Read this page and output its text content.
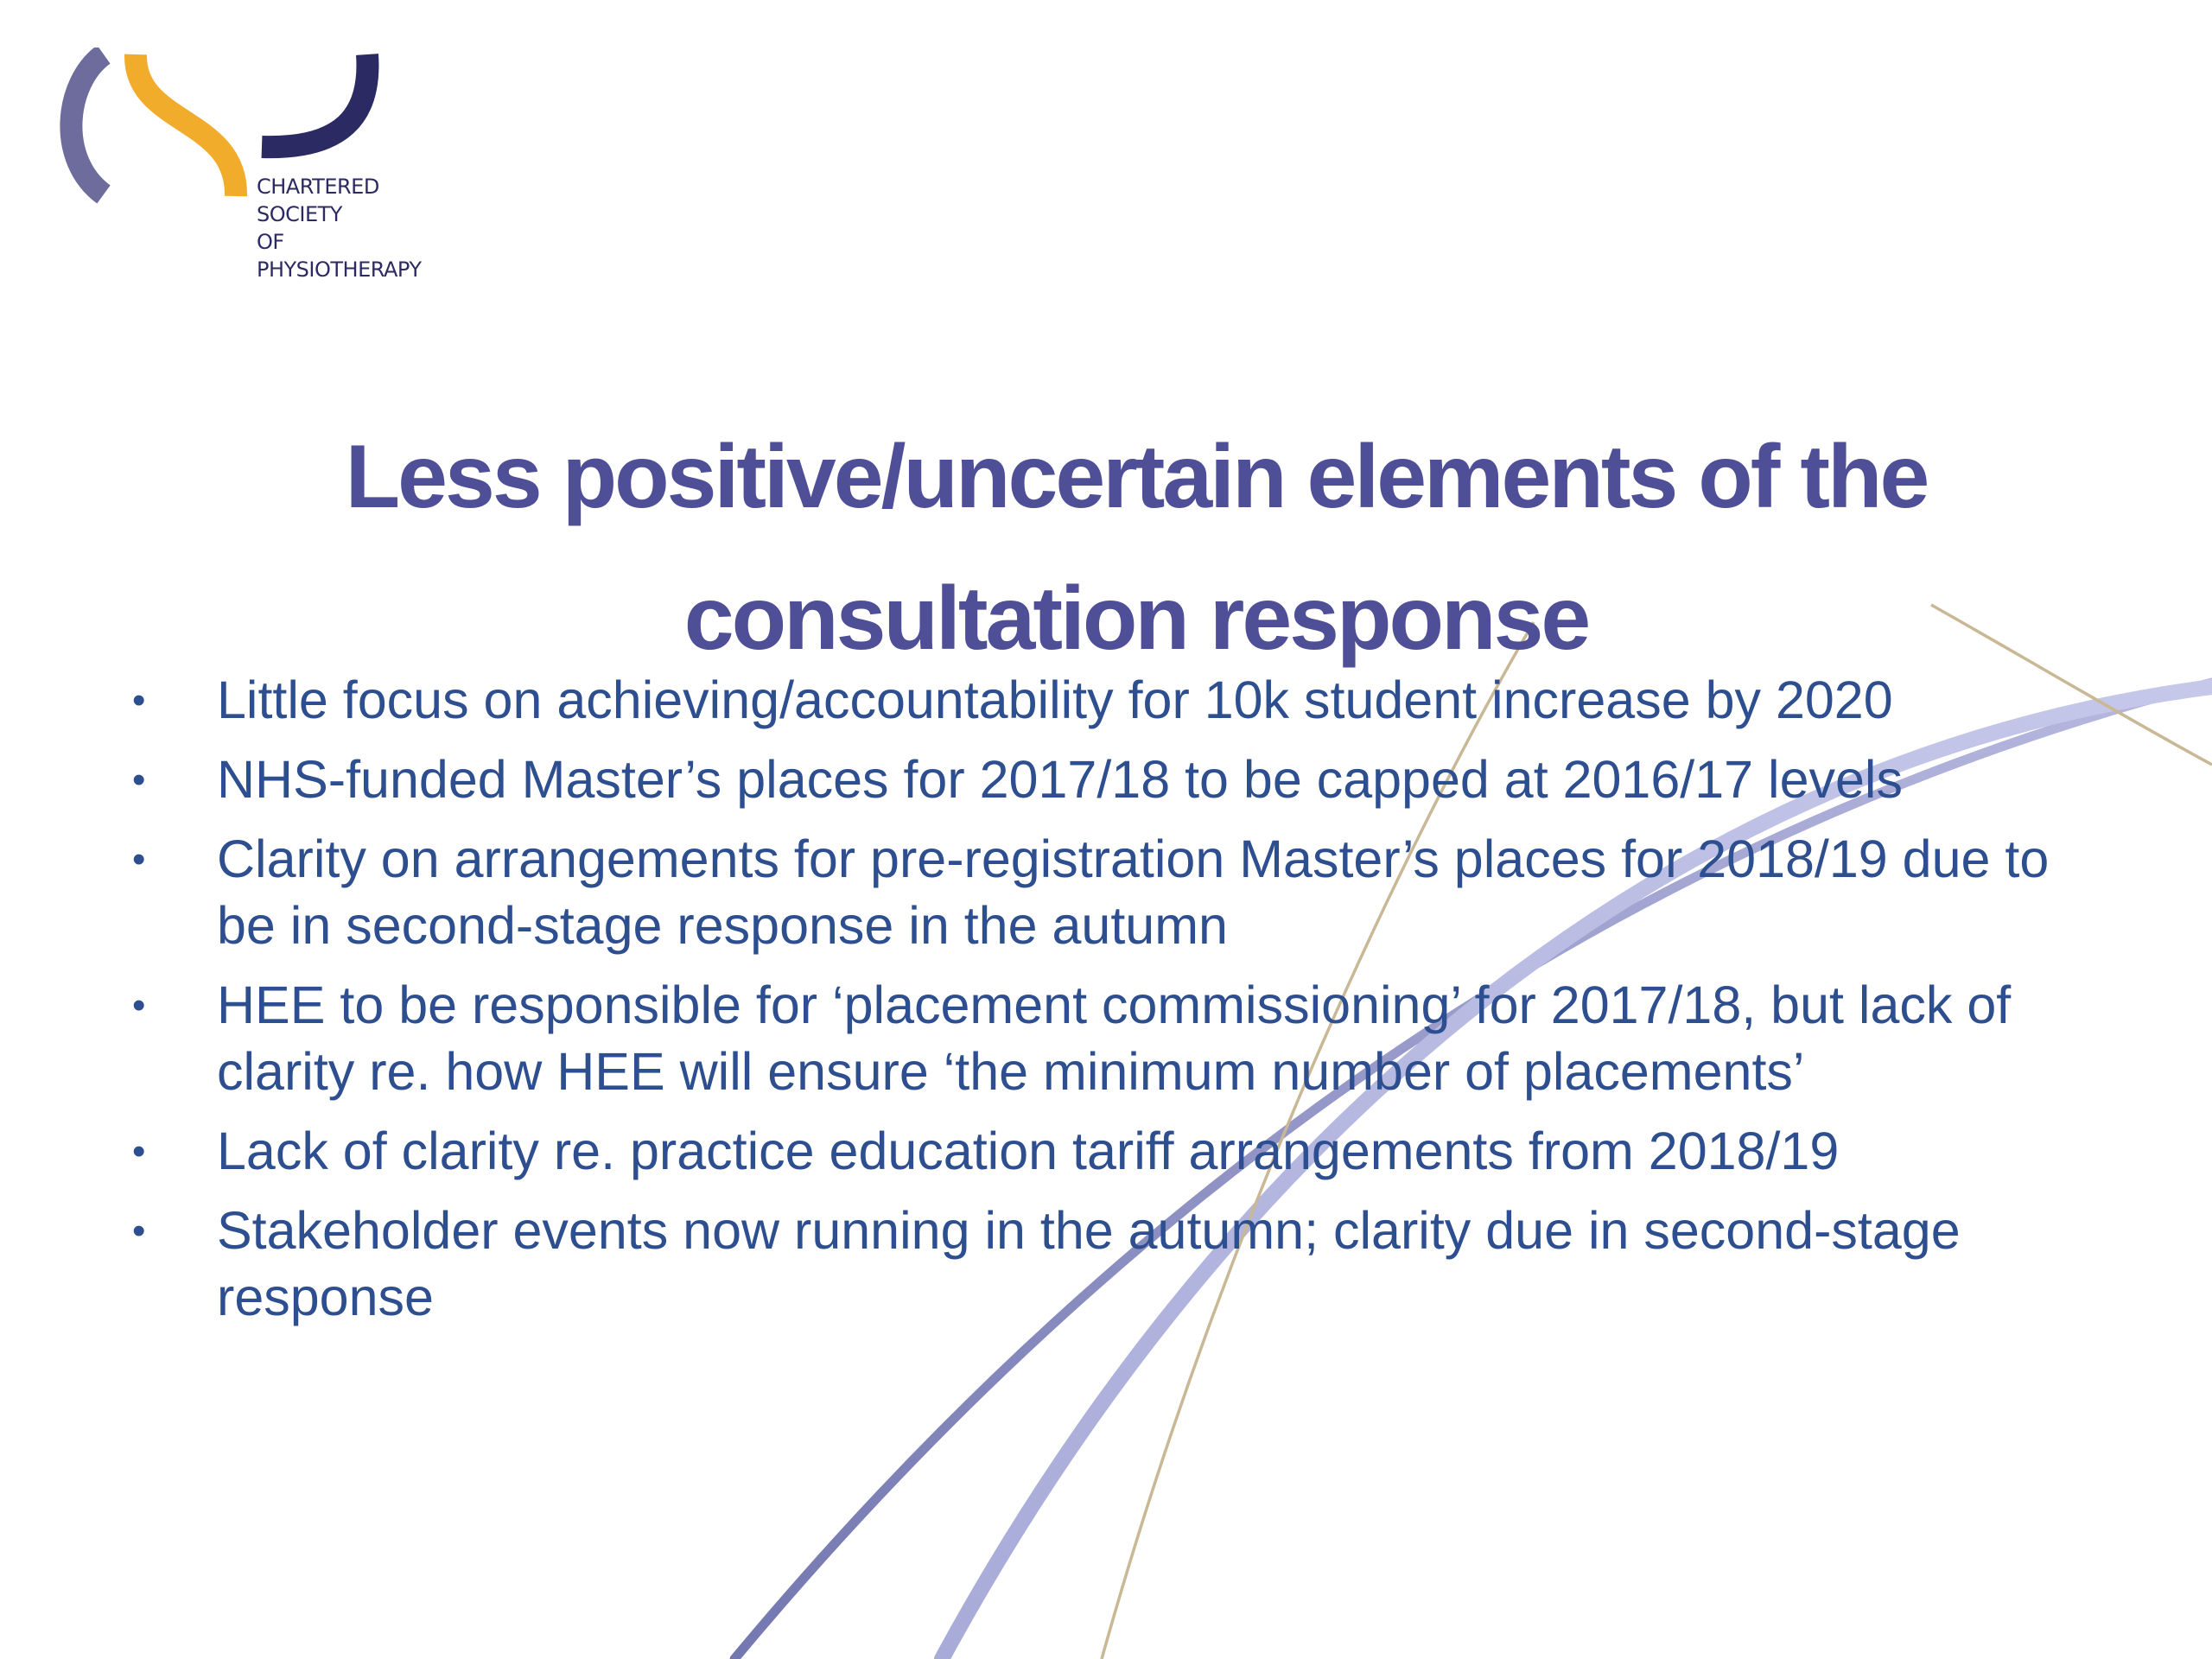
CHARTERED
SOCIETY
OF
PHYSIOTHERAPY
Less positive/uncertain elements of the
consultation response
• Little focus on achieving/accountability for 10k student increase by 2020
• NHS-funded Master’s places for 2017/18 to be capped at 2016/17 levels
• Clarity on arrangements for pre-registration Master’s places for 2018/19 due to be in second-stage response in the autumn
• HEE to be responsible for ‘placement commissioning’ for 2017/18, but lack of clarity re. how HEE will ensure ‘the minimum number of placements’
• Lack of clarity re. practice education tariff arrangements from 2018/19
• Stakeholder events now running in the autumn; clarity due in second-stage response
